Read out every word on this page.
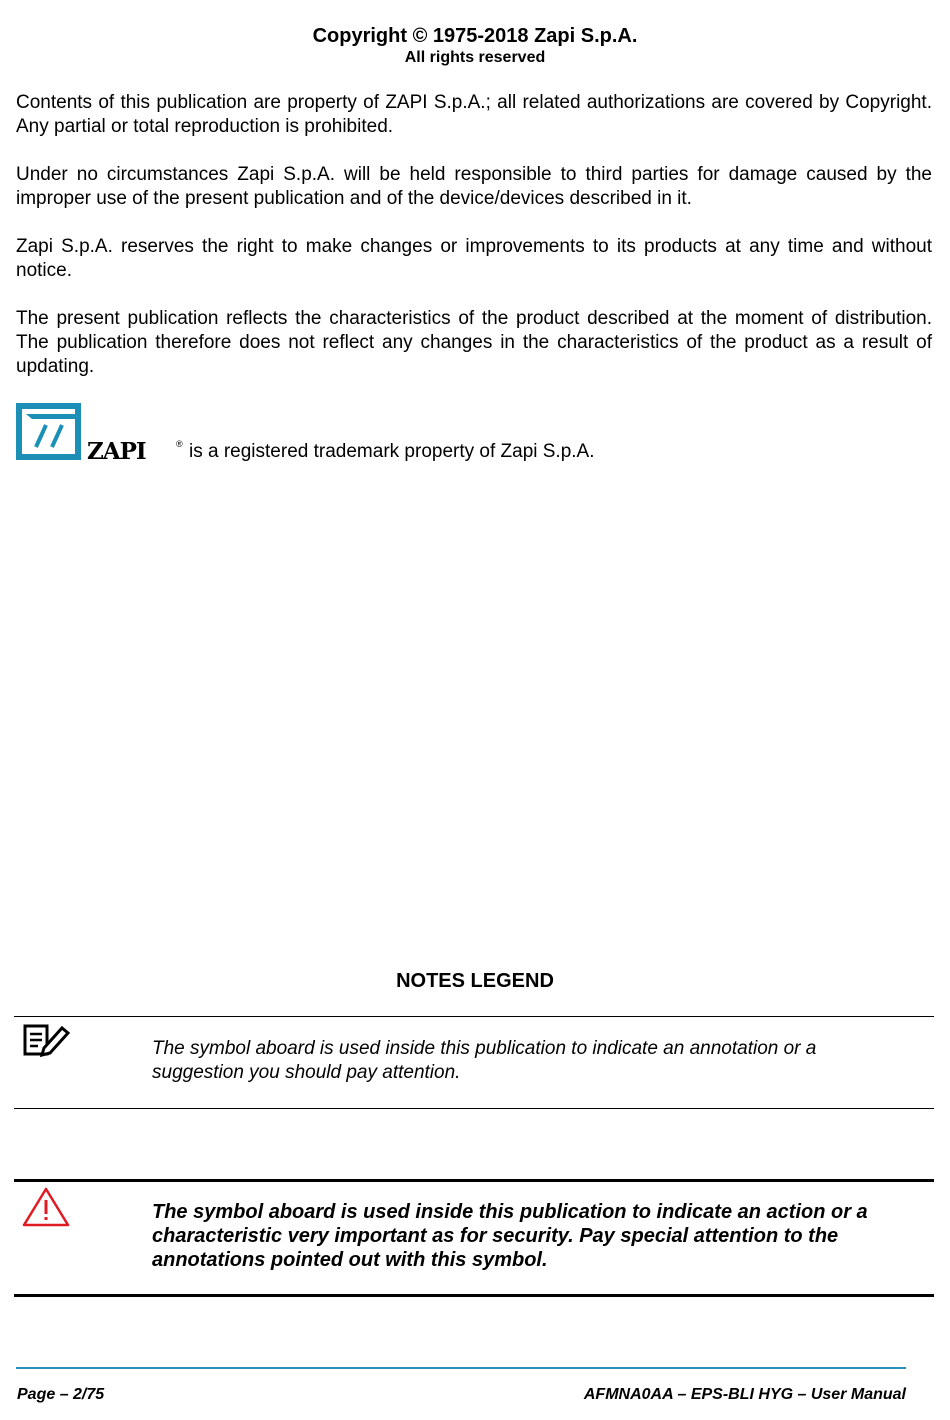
Copyright © 1975-2018 Zapi S.p.A.
All rights reserved

Contents of this publication are property of ZAPI S.p.A.; all related authorizations are covered by Copyright. Any partial or total reproduction is prohibited.

Under no circumstances Zapi S.p.A. will be held responsible to third parties for damage caused by the improper use of the present publication and of the device/devices described in it.

Zapi S.p.A. reserves the right to make changes or improvements to its products at any time and without notice.

The present publication reflects the characteristics of the product described at the moment of distribution. The publication therefore does not reflect any changes in the characteristics of the product as a result of updating.

ZAPI	® is a registered trademark property of Zapi S.p.A.
NOTES LEGEND

The symbol aboard is used inside this publication to indicate an annotation or a suggestion you should pay attention.

The symbol aboard is used inside this publication to indicate an action or a characteristic very important as for security. Pay special attention to the annotations pointed out with this symbol.

Page – 2/75	AFMNA0AA – EPS-BLI HYG – User Manual
